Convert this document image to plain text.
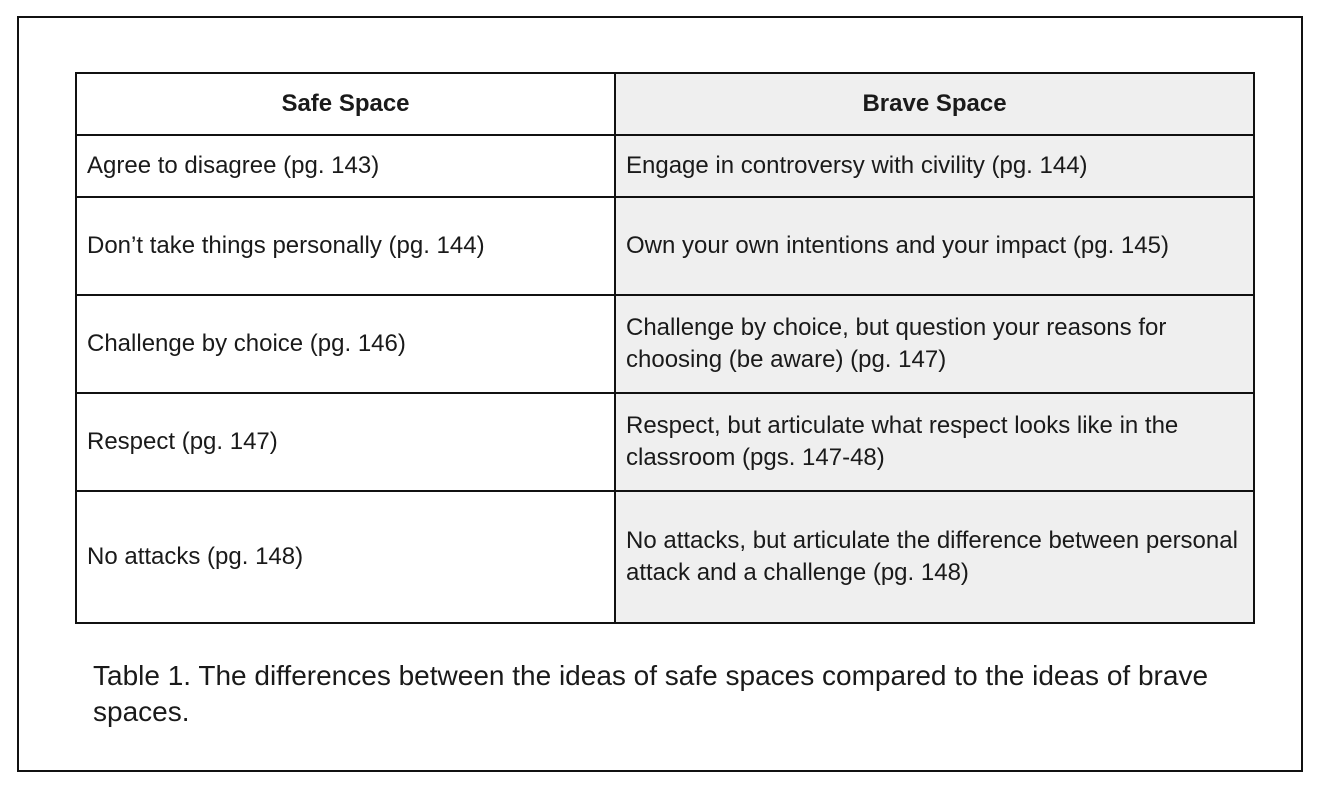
Safe Space	Brave Space
Agree to disagree (pg. 143)	Engage in controversy with civility (pg. 144)
Don’t take things personally (pg. 144)	Own your own intentions and your impact (pg. 145)
Challenge by choice (pg. 146)	Challenge by choice, but question your reasons for choosing (be aware) (pg. 147)
Respect (pg. 147)	Respect, but articulate what respect looks like in the classroom (pgs. 147-48)
No attacks (pg. 148)	No attacks, but articulate the difference between personal attack and a challenge (pg. 148)
Table 1. The differences between the ideas of safe spaces compared to the ideas of brave spaces.
